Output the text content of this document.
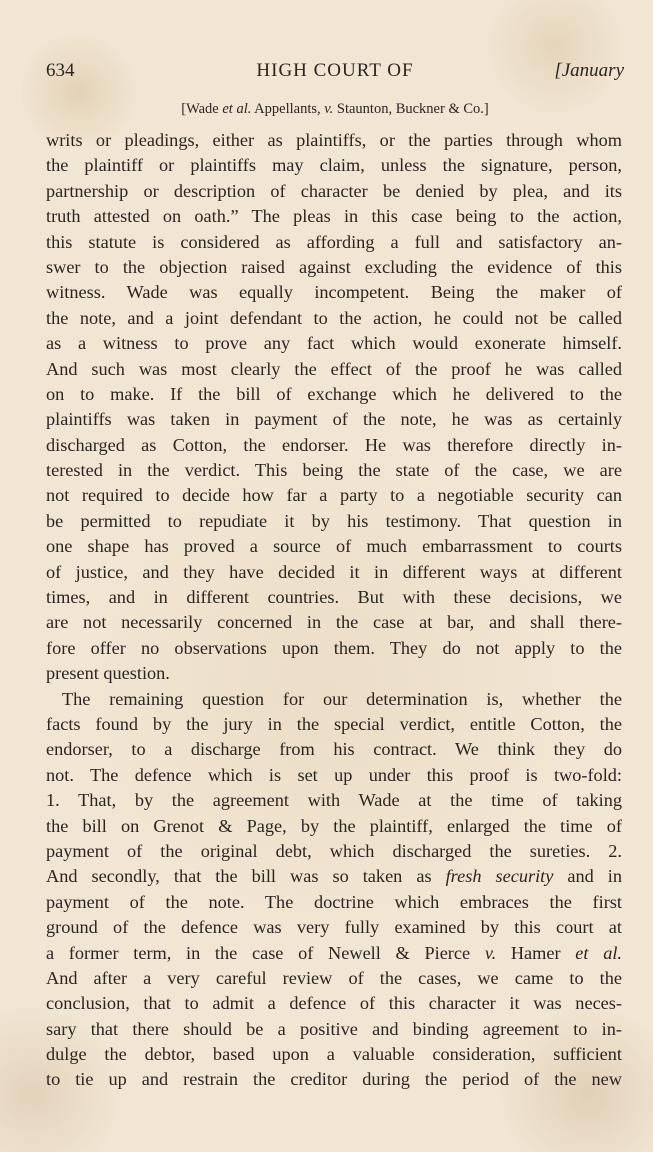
634	HIGH COURT OF	[January
[Wade et al. Appellants, v. Staunton, Buckner & Co.]
writs or pleadings, either as plaintiffs, or the parties through whom
the plaintiff or plaintiffs may claim, unless the signature, person,
partnership or description of character be denied by plea, and its
truth attested on oath.” The pleas in this case being to the action,
this statute is considered as affording a full and satisfactory an-
swer to the objection raised against excluding the evidence of this
witness. Wade was equally incompetent. Being the maker of
the note, and a joint defendant to the action, he could not be called
as a witness to prove any fact which would exonerate himself.
And such was most clearly the effect of the proof he was called
on to make. If the bill of exchange which he delivered to the
plaintiffs was taken in payment of the note, he was as certainly
discharged as Cotton, the endorser. He was therefore directly in-
terested in the verdict. This being the state of the case, we are
not required to decide how far a party to a negotiable security can
be permitted to repudiate it by his testimony. That question in
one shape has proved a source of much embarrassment to courts
of justice, and they have decided it in different ways at different
times, and in different countries. But with these decisions, we
are not necessarily concerned in the case at bar, and shall there-
fore offer no observations upon them. They do not apply to the
present question.
The remaining question for our determination is, whether the
facts found by the jury in the special verdict, entitle Cotton, the
endorser, to a discharge from his contract. We think they do
not. The defence which is set up under this proof is two-fold:
1. That, by the agreement with Wade at the time of taking
the bill on Grenot & Page, by the plaintiff, enlarged the time of
payment of the original debt, which discharged the sureties. 2.
And secondly, that the bill was so taken as fresh security and in
payment of the note. The doctrine which embraces the first
ground of the defence was very fully examined by this court at
a former term, in the case of Newell & Pierce v. Hamer et al.
And after a very careful review of the cases, we came to the
conclusion, that to admit a defence of this character it was neces-
sary that there should be a positive and binding agreement to in-
dulge the debtor, based upon a valuable consideration, sufficient
to tie up and restrain the creditor during the period of the new
